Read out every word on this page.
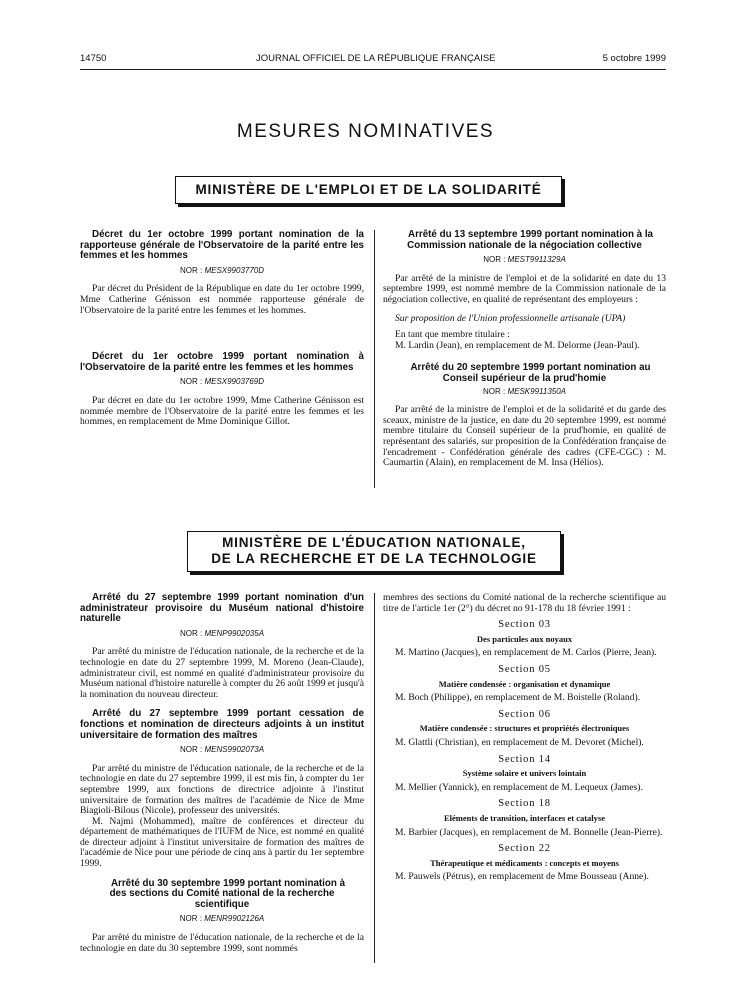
14750	JOURNAL OFFICIEL DE LA RÉPUBLIQUE FRANÇAISE	5 octobre 1999
MESURES NOMINATIVES
MINISTÈRE DE L'EMPLOI ET DE LA SOLIDARITÉ

Décret du 1er octobre 1999 portant nomination de la rapporteuse générale de l'Observatoire de la parité entre les femmes et les hommes

NOR : MESX9903770D

Par décret du Président de la République en date du 1er octobre 1999, Mme Catherine Génisson est nommée rapporteuse générale de l'Observatoire de la parité entre les femmes et les hommes.

Décret du 1er octobre 1999 portant nomination à l'Observatoire de la parité entre les femmes et les hommes

NOR : MESX9903769D

Par décret en date du 1er octobre 1999, Mme Catherine Génisson est nommée membre de l'Observatoire de la parité entre les femmes et les hommes, en remplacement de Mme Dominique Gillot.

Arrêté du 13 septembre 1999 portant nomination à la Commission nationale de la négociation collective

NOR : MEST9911329A

Par arrêté de la ministre de l'emploi et de la solidarité en date du 13 septembre 1999, est nommé membre de la Commission nationale de la négociation collective, en qualité de représentant des employeurs :

Sur proposition de l'Union professionnelle artisanale (UPA)

En tant que membre titulaire :

M. Lardin (Jean), en remplacement de M. Delorme (Jean-Paul).

Arrêté du 20 septembre 1999 portant nomination au Conseil supérieur de la prud'homie

NOR : MESK9911350A

Par arrêté de la ministre de l'emploi et de la solidarité et du garde des sceaux, ministre de la justice, en date du 20 septembre 1999, est nommé membre titulaire du Conseil supérieur de la prud'homie, en qualité de représentant des salariés, sur proposition de la Confédération française de l'encadrement - Confédération générale des cadres (CFE-CGC) : M. Caumartin (Alain), en remplacement de M. Insa (Hélios).

MINISTÈRE DE L'ÉDUCATION NATIONALE,
DE LA RECHERCHE ET DE LA TECHNOLOGIE

Arrêté du 27 septembre 1999 portant nomination d'un administrateur provisoire du Muséum national d'histoire naturelle

NOR : MENP9902035A

Par arrêté du ministre de l'éducation nationale, de la recherche et de la technologie en date du 27 septembre 1999, M. Moreno (Jean-Claude), administrateur civil, est nommé en qualité d'administrateur provisoire du Muséum national d'histoire naturelle à compter du 26 août 1999 et jusqu'à la nomination du nouveau directeur.

Arrêté du 27 septembre 1999 portant cessation de fonctions et nomination de directeurs adjoints à un institut universitaire de formation des maîtres

NOR : MENS9902073A

Par arrêté du ministre de l'éducation nationale, de la recherche et de la technologie en date du 27 septembre 1999, il est mis fin, à compter du 1er septembre 1999, aux fonctions de directrice adjointe à l'institut universitaire de formation des maîtres de l'académie de Nice de Mme Biagioli-Bilous (Nicole), professeur des universités.

M. Najmi (Mohammed), maître de conférences et directeur du département de mathématiques de l'IUFM de Nice, est nommé en qualité de directeur adjoint à l'institut universitaire de formation des maîtres de l'académie de Nice pour une période de cinq ans à partir du 1er septembre 1999.

Arrêté du 30 septembre 1999 portant nomination à des sections du Comité national de la recherche scientifique

NOR : MENR9902126A

Par arrêté du ministre de l'éducation nationale, de la recherche et de la technologie en date du 30 septembre 1999, sont nommés

membres des sections du Comité national de la recherche scientifique au titre de l'article 1er (2°) du décret no 91-178 du 18 février 1991 :

Section 03
Des particules aux noyaux

M. Martino (Jacques), en remplacement de M. Carlos (Pierre, Jean).

Section 05
Matière condensée : organisation et dynamique

M. Boch (Philippe), en remplacement de M. Boistelle (Roland).

Section 06
Matière condensée : structures et propriétés électroniques

M. Glattli (Christian), en remplacement de M. Devoret (Michel).

Section 14
Système solaire et univers lointain

M. Mellier (Yannick), en remplacement de M. Lequeux (James).

Section 18
Eléments de transition, interfaces et catalyse

M. Barbier (Jacques), en remplacement de M. Bonnelle (Jean-Pierre).

Section 22
Thérapeutique et médicaments : concepts et moyens

M. Pauwels (Pétrus), en remplacement de Mme Bousseau (Anne).
